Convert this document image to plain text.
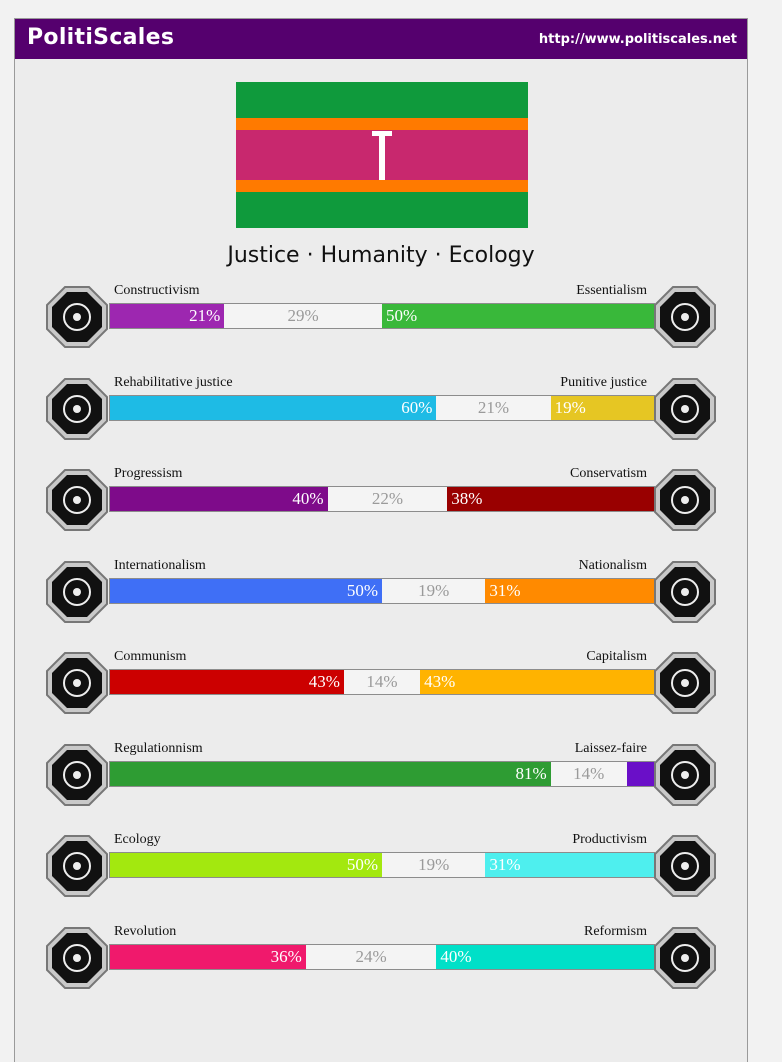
PolitiScales	http://www.politiscales.net
Justice · Humanity · Ecology
Constructivism	Essentialism
21%	29%	50%
Rehabilitative justice	Punitive justice
60%	21%	19%
Progressism	Conservatism
40%	22%	38%
Internationalism	Nationalism
50%	19%	31%
Communism	Capitalism
43%	14%	43%
Regulationnism	Laissez-faire
81%	14%
Ecology	Productivism
50%	19%	31%
Revolution	Reformism
36%	24%	40%
